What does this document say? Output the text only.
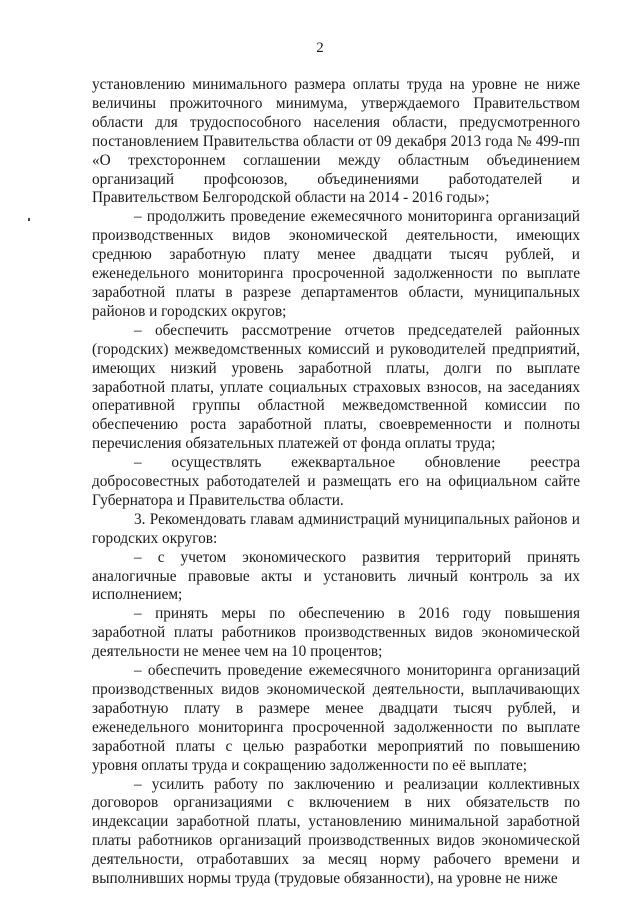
2

установлению минимального размера оплаты труда на уровне не ниже величины прожиточного минимума, утверждаемого Правительством области для трудоспособного населения области, предусмотренного постановлением Правительства области от 09 декабря 2013 года № 499-пп «О трехстороннем соглашении между областным объединением организаций профсоюзов, объединениями работодателей и Правительством Белгородской области на 2014 - 2016 годы»;

– продолжить проведение ежемесячного мониторинга организаций производственных видов экономической деятельности, имеющих среднюю заработную плату менее двадцати тысяч рублей, и еженедельного мониторинга просроченной задолженности по выплате заработной платы в разрезе департаментов области, муниципальных районов и городских округов;

– обеспечить рассмотрение отчетов председателей районных (городских) межведомственных комиссий и руководителей предприятий, имеющих низкий уровень заработной платы, долги по выплате заработной платы, уплате социальных страховых взносов, на заседаниях оперативной группы областной межведомственной комиссии по обеспечению роста заработной платы, своевременности и полноты перечисления обязательных платежей от фонда оплаты труда;

– осуществлять ежеквартальное обновление реестра добросовестных работодателей и размещать его на официальном сайте Губернатора и Правительства области.

3. Рекомендовать главам администраций муниципальных районов и городских округов:

– с учетом экономического развития территорий принять аналогичные правовые акты и установить личный контроль за их исполнением;

– принять меры по обеспечению в 2016 году повышения заработной платы работников производственных видов экономической деятельности не менее чем на 10 процентов;

– обеспечить проведение ежемесячного мониторинга организаций производственных видов экономической деятельности, выплачивающих заработную плату в размере менее двадцати тысяч рублей, и еженедельного мониторинга просроченной задолженности по выплате заработной платы с целью разработки мероприятий по повышению уровня оплаты труда и сокращению задолженности по её выплате;

– усилить работу по заключению и реализации коллективных договоров организациями с включением в них обязательств по индексации заработной платы, установлению минимальной заработной платы работников организаций производственных видов экономической деятельности, отработавших за месяц норму рабочего времени и выполнивших нормы труда (трудовые обязанности), на уровне не ниже
